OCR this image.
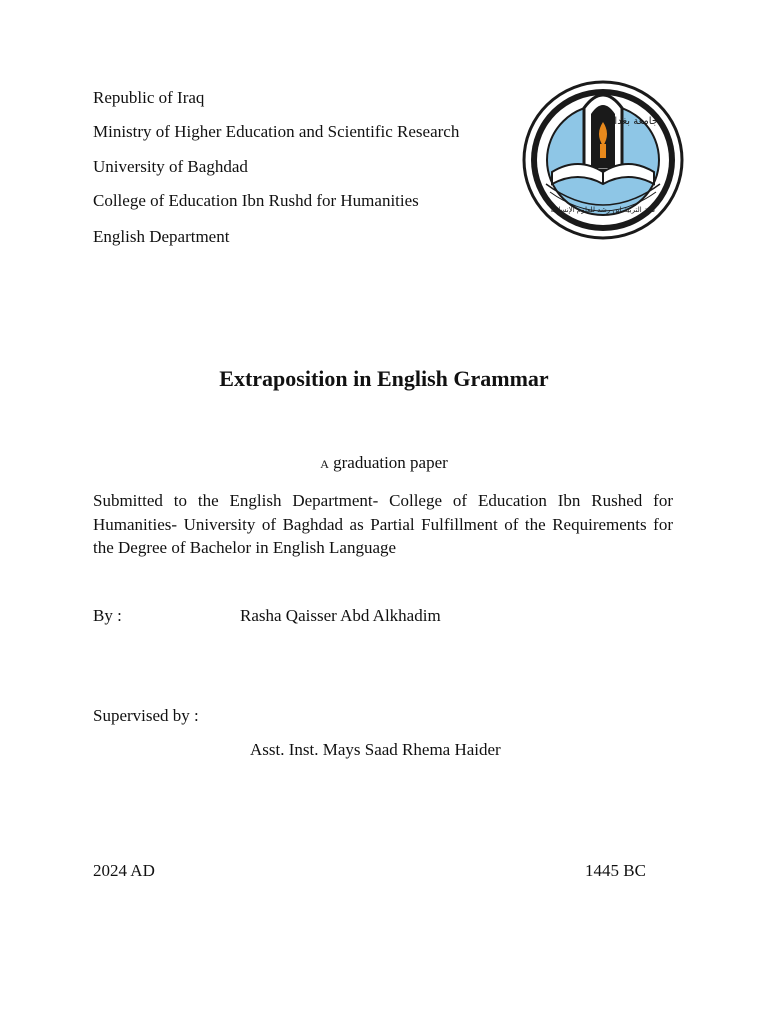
Republic of Iraq
Ministry of Higher Education and Scientific Research
University of Baghdad
College of Education Ibn Rushd for Humanities
English Department
جامعة بغداد
كلية التربية ابن رشد للعلوم الإنسانية
Extraposition in English Grammar
A graduation paper
Submitted to the English Department- College of Education Ibn Rushed for Humanities- University of Baghdad as Partial Fulfillment of the Requirements for the Degree of Bachelor in English Language
By :	Rasha Qaisser Abd Alkhadim
Supervised by :
Asst. Inst. Mays Saad Rhema Haider
2024 AD	1445 BC
